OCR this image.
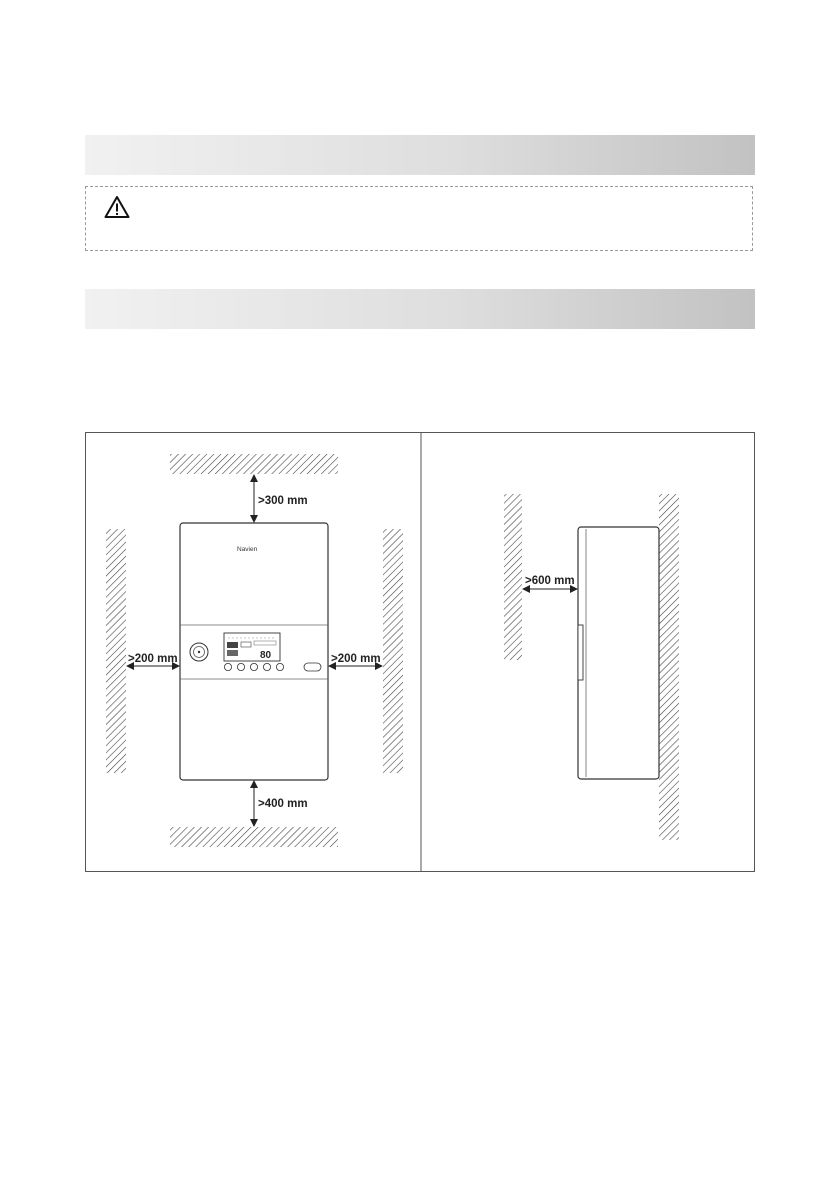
Navien
80
>300 mm
>400 mm
>200 mm	>200 mm
>600 mm
